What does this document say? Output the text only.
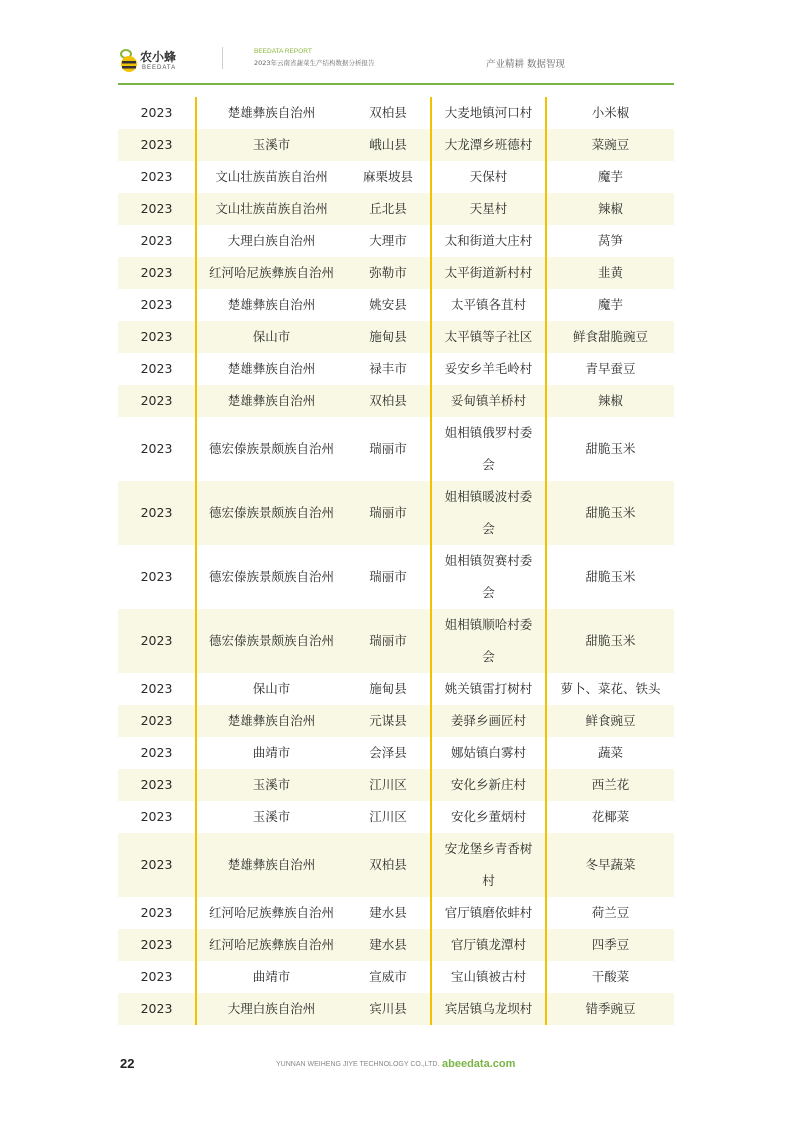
农小蜂
BEEDATA
BEEDATA REPORT
2023年云南省蔬菜生产结构数据分析报告	产业精耕 数据智现
2023	楚雄彝族自治州	双柏县	大麦地镇河口村	小米椒
2023	玉溪市	峨山县	大龙潭乡班德村	菜豌豆
2023	文山壮族苗族自治州	麻栗坡县	天保村	魔芋
2023	文山壮族苗族自治州	丘北县	天星村	辣椒
2023	大理白族自治州	大理市	太和街道大庄村	莴笋
2023	红河哈尼族彝族自治州	弥勒市	太平街道新村村	韭黄
2023	楚雄彝族自治州	姚安县	太平镇各苴村	魔芋
2023	保山市	施甸县	太平镇等子社区	鲜食甜脆豌豆
2023	楚雄彝族自治州	禄丰市	妥安乡羊毛岭村	青早蚕豆
2023	楚雄彝族自治州	双柏县	妥甸镇羊桥村	辣椒
2023	德宏傣族景颇族自治州	瑞丽市	姐相镇俄罗村委会	甜脆玉米
2023	德宏傣族景颇族自治州	瑞丽市	姐相镇暖波村委会	甜脆玉米
2023	德宏傣族景颇族自治州	瑞丽市	姐相镇贺赛村委会	甜脆玉米
2023	德宏傣族景颇族自治州	瑞丽市	姐相镇顺哈村委会	甜脆玉米
2023	保山市	施甸县	姚关镇雷打树村	萝卜、菜花、铁头
2023	楚雄彝族自治州	元谋县	姜驿乡画匠村	鲜食豌豆
2023	曲靖市	会泽县	娜姑镇白雾村	蔬菜
2023	玉溪市	江川区	安化乡新庄村	西兰花
2023	玉溪市	江川区	安化乡董炳村	花椰菜
2023	楚雄彝族自治州	双柏县	安龙堡乡青香树村	冬早蔬菜
2023	红河哈尼族彝族自治州	建水县	官厅镇磨依蚌村	荷兰豆
2023	红河哈尼族彝族自治州	建水县	官厅镇龙潭村	四季豆
2023	曲靖市	宣威市	宝山镇被古村	干酸菜
2023	大理白族自治州	宾川县	宾居镇乌龙坝村	错季豌豆
22	YUNNAN WEIHENG JIYE TECHNOLOGY CO.,LTD. abeedata.com
